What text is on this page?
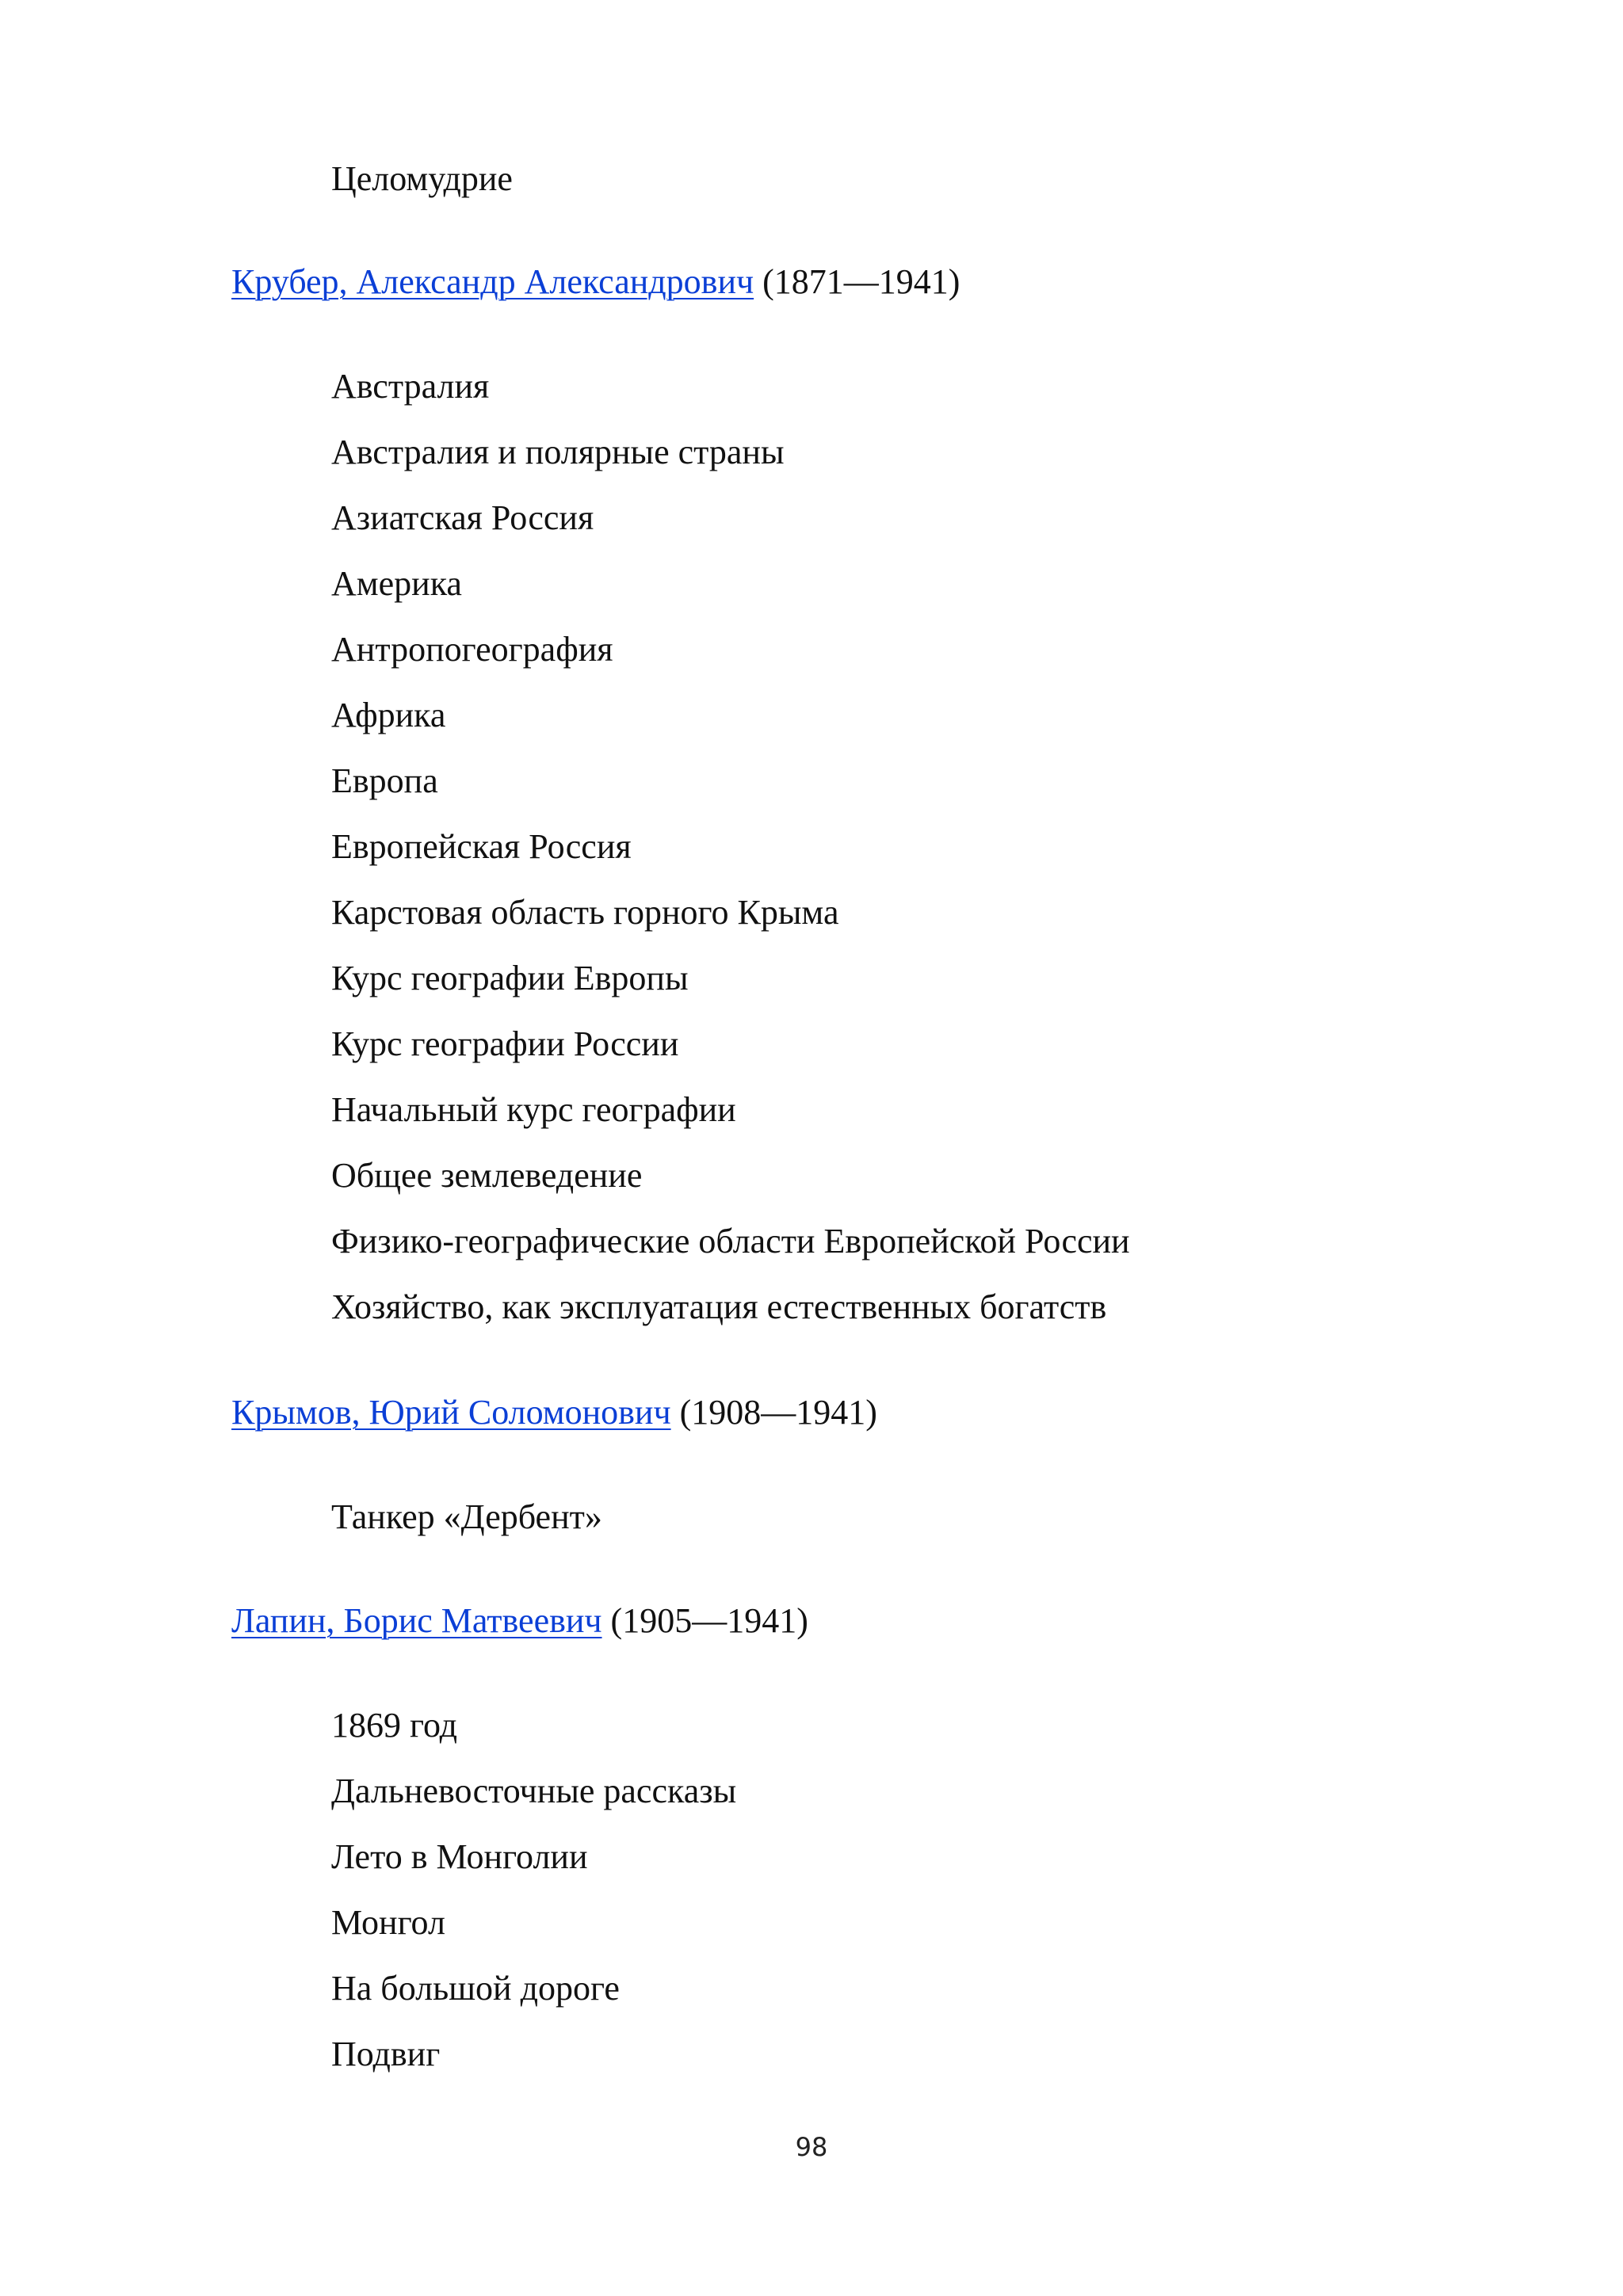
Целомудрие
Крубер, Александр Александрович (1871—1941)
Австралия
Австралия и полярные страны
Азиатская Россия
Америка
Антропогеография
Африка
Европа
Европейская Россия
Карстовая область горного Крыма
Курс географии Европы
Курс географии России
Начальный курс географии
Общее землеведение
Физико-географические области Европейской России
Хозяйство, как эксплуатация естественных богатств
Крымов, Юрий Соломонович (1908—1941)
Танкер «Дербент»
Лапин, Борис Матвеевич (1905—1941)
1869 год
Дальневосточные рассказы
Лето в Монголии
Монгол
На большой дороге
Подвиг
98
